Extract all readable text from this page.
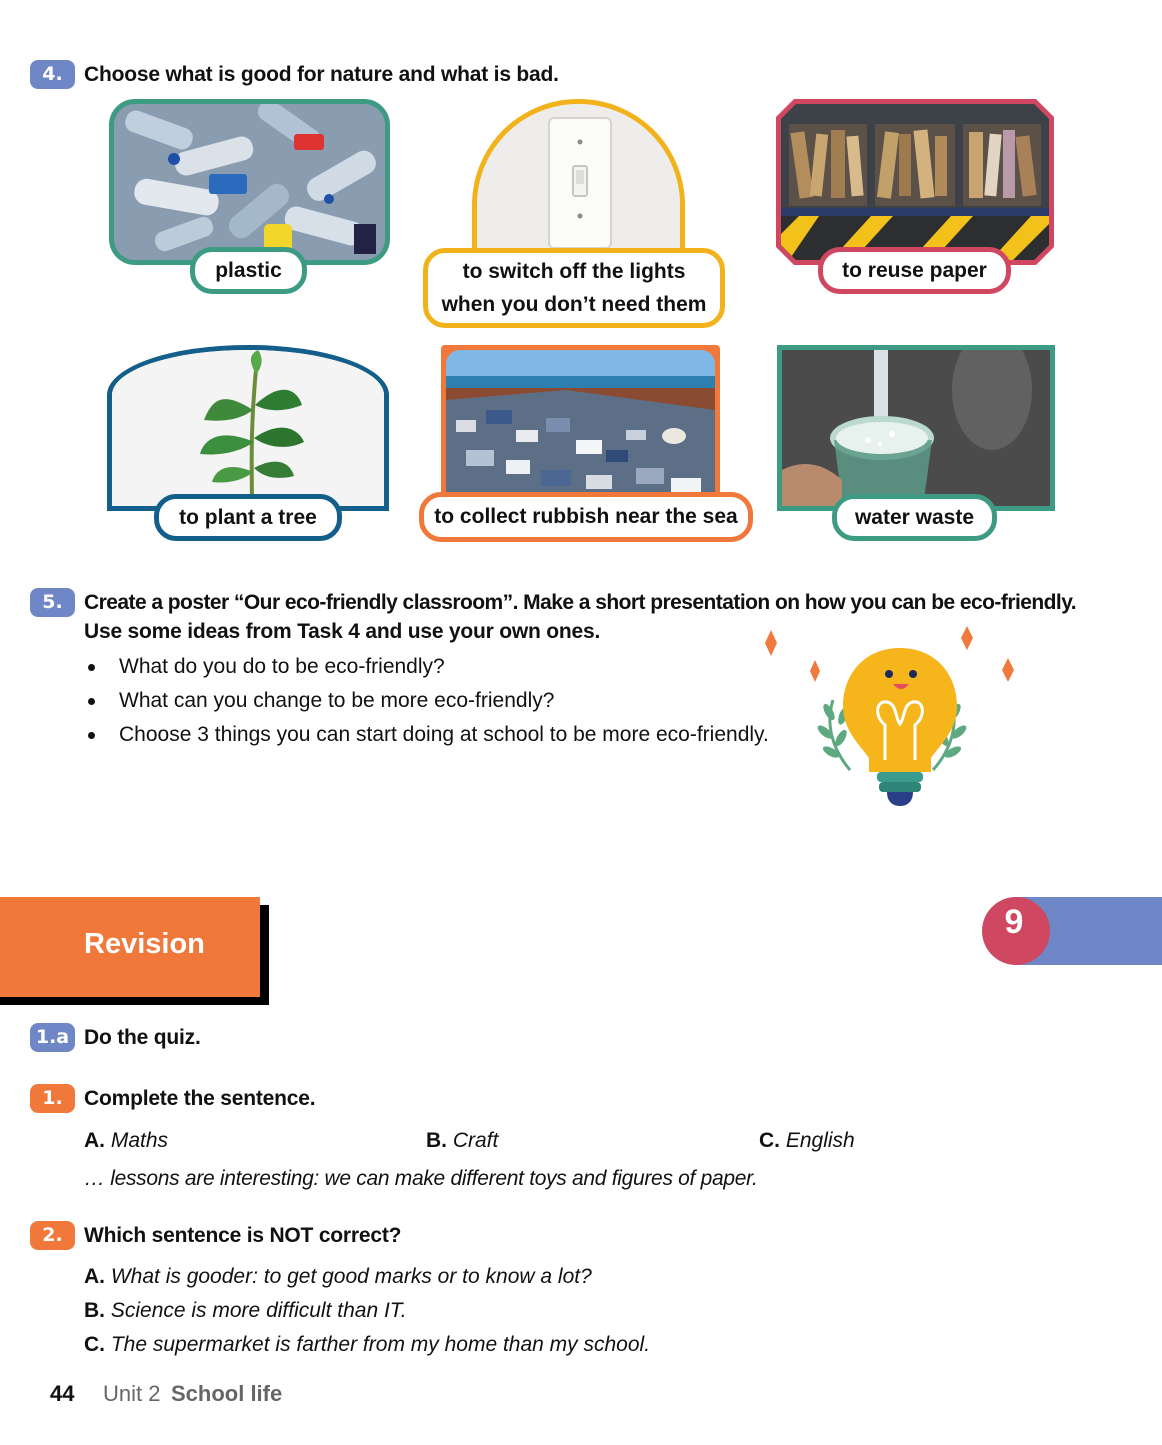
4.	Choose what is good for nature and what is bad.
plastic	to switch off the lights
when you don’t need them
to reuse paper
to plant a tree	to collect rubbish near the sea	water waste
5.	Create a poster “Our eco-friendly classroom”. Make a short presentation on how you can be eco-friendly.
Use some ideas from Task 4 and use your own ones.
What do you do to be eco-friendly?
What can you change to be more eco-friendly?
Choose 3 things you can start doing at school to be more eco-friendly.
Revision
9
1.a Do the quiz.
1.	Complete the sentence.
A. Maths	B. Craft	C. English
… lessons are interesting: we can make different toys and figures of paper.
2.	Which sentence is NOT correct?
A. What is gooder: to get good marks or to know a lot?
B. Science is more difficult than IT.
C. The supermarket is farther from my home than my school.
44 Unit 2 School life
